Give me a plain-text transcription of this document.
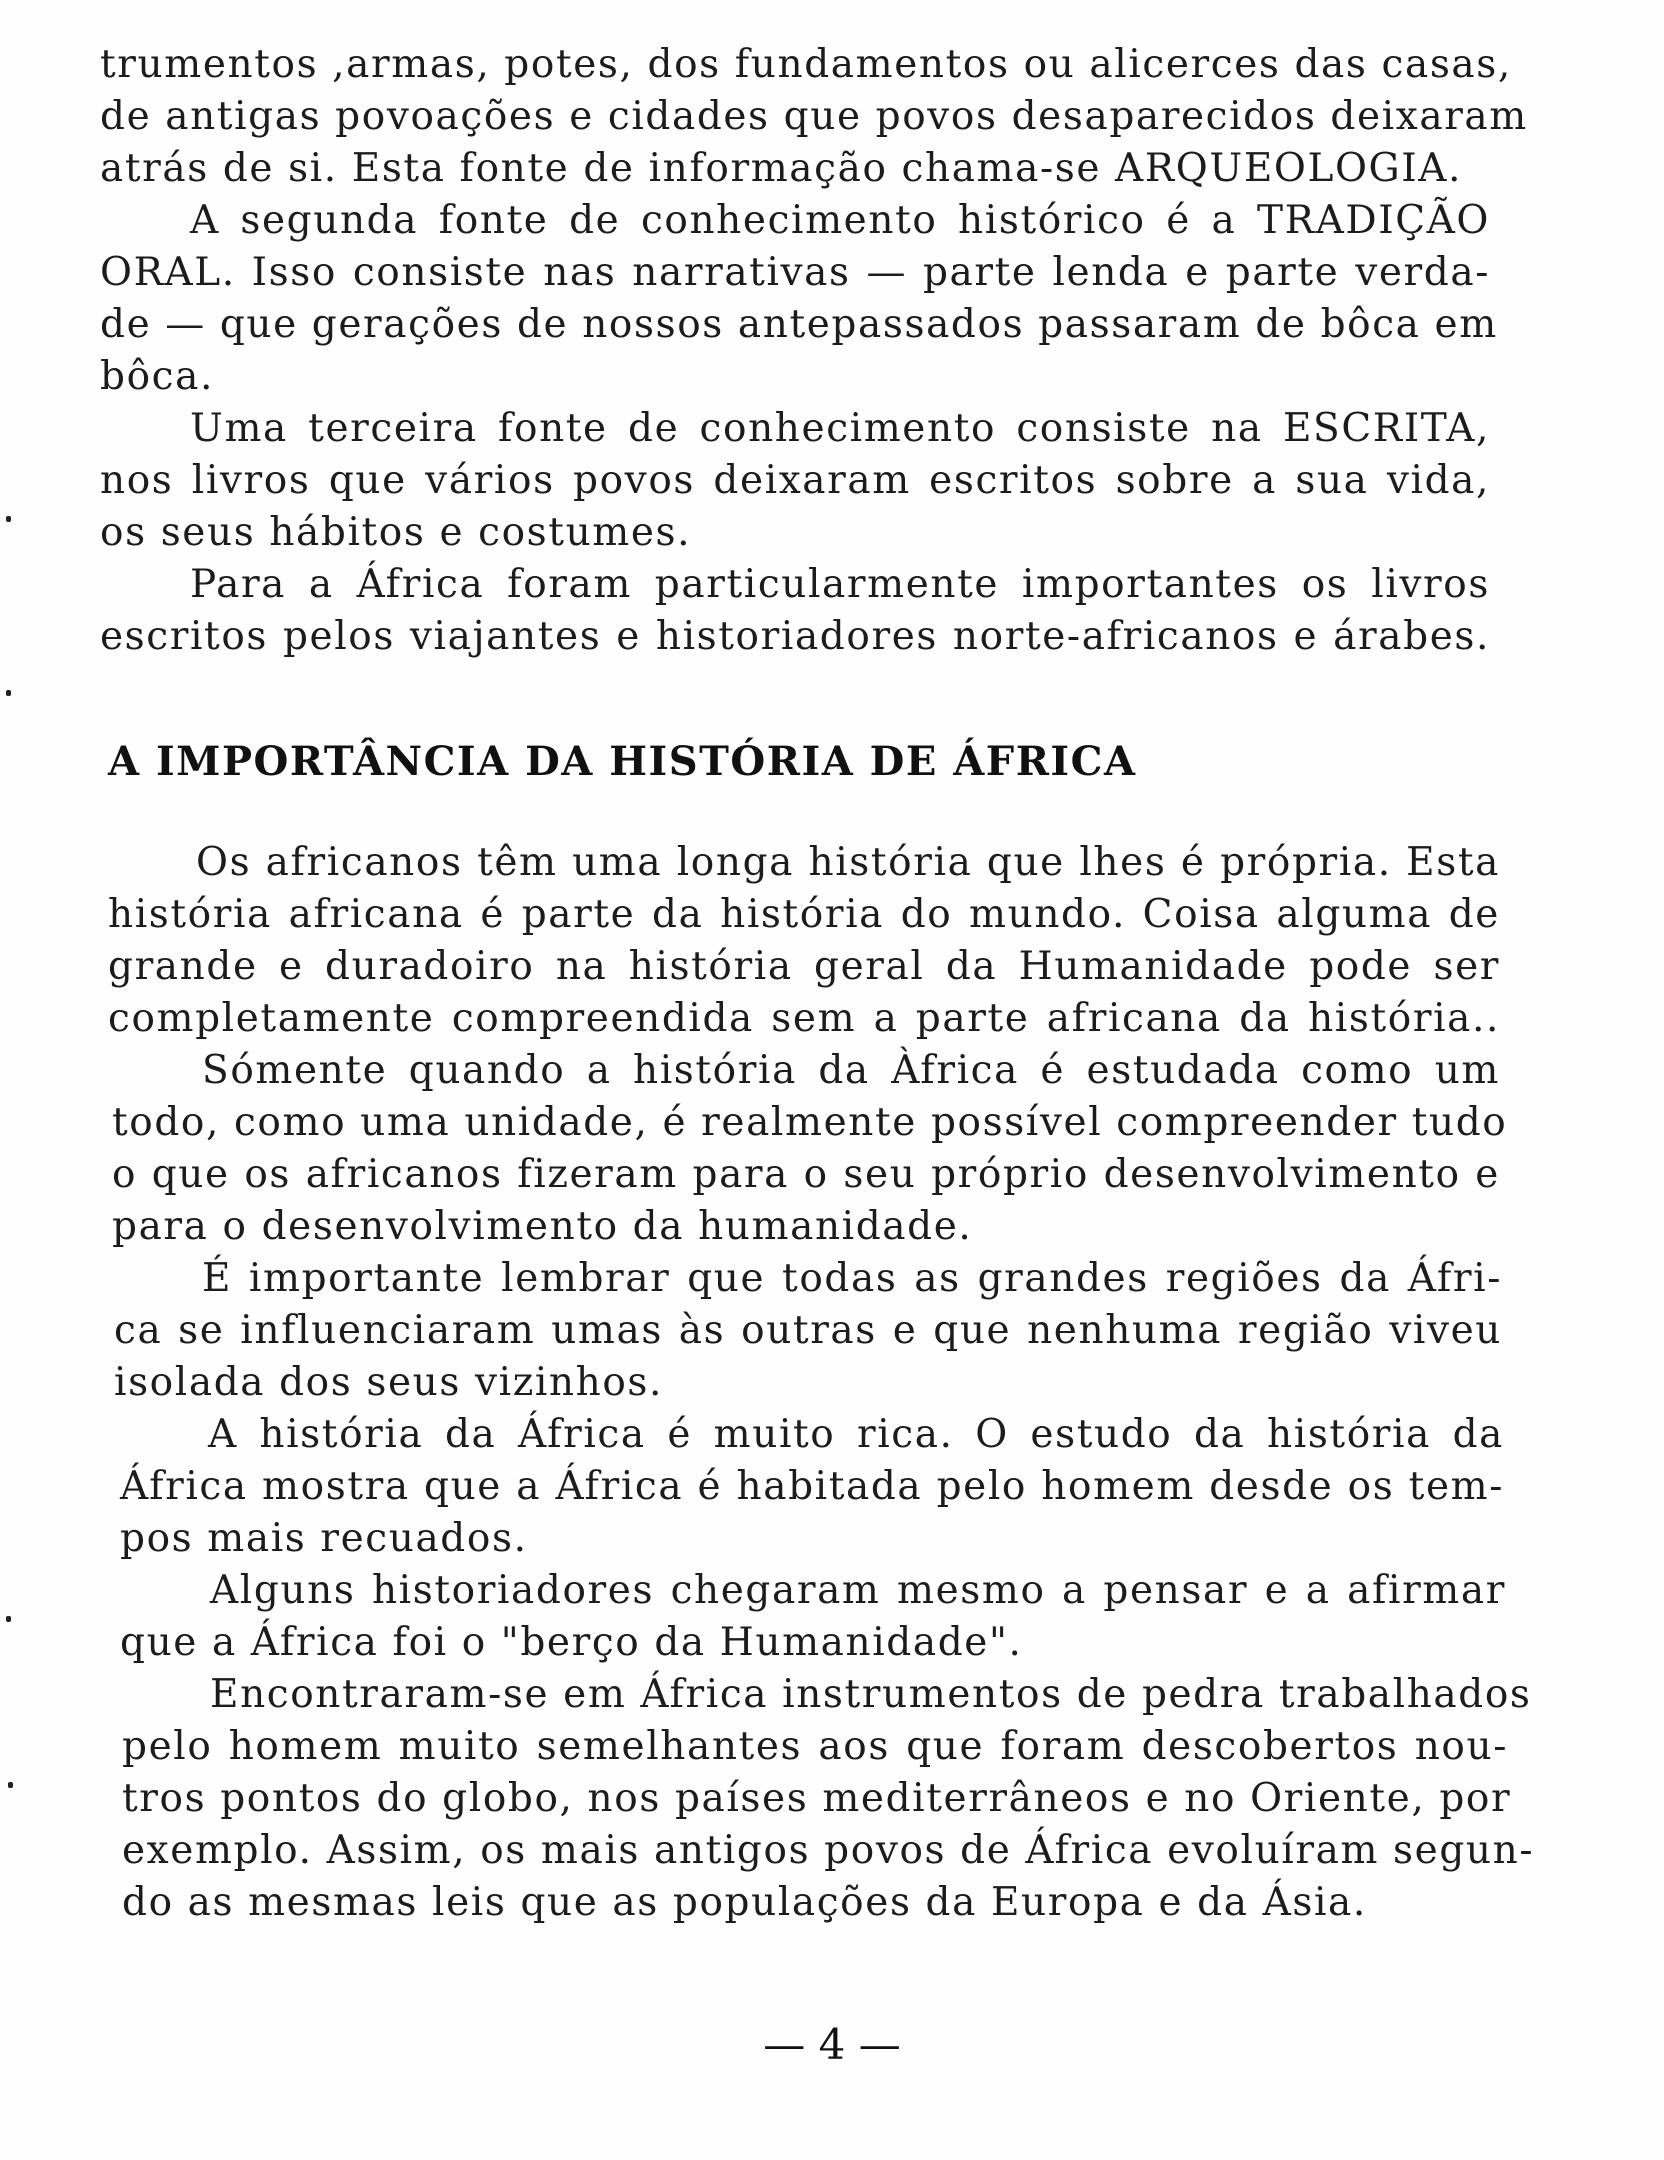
trumentos ,armas, potes, dos fundamentos ou alicerces das casas,
de antigas povoações e cidades que povos desaparecidos deixaram
atrás de si. Esta fonte de informação chama-se ARQUEOLOGIA.
A segunda fonte de conhecimento histórico é a TRADIÇÃO
ORAL. Isso consiste nas narrativas — parte lenda e parte verda-
de — que gerações de nossos antepassados passaram de bôca em
bôca.
Uma terceira fonte de conhecimento consiste na ESCRITA,
nos livros que vários povos deixaram escritos sobre a sua vida,
os seus hábitos e costumes.
Para a África foram particularmente importantes os livros
escritos pelos viajantes e historiadores norte-africanos e árabes.
A IMPORTÂNCIA DA HISTÓRIA DE ÁFRICA
Os africanos têm uma longa história que lhes é própria. Esta
história africana é parte da história do mundo. Coisa alguma de
grande e duradoiro na história geral da Humanidade pode ser
completamente compreendida sem a parte africana da história..
Sómente quando a história da Àfrica é estudada como um
todo, como uma unidade, é realmente possível compreender tudo
o que os africanos fizeram para o seu próprio desenvolvimento e
para o desenvolvimento da humanidade.
É importante lembrar que todas as grandes regiões da Áfri-
ca se influenciaram umas às outras e que nenhuma região viveu
isolada dos seus vizinhos.
A história da África é muito rica. O estudo da história da
África mostra que a África é habitada pelo homem desde os tem-
pos mais recuados.
Alguns historiadores chegaram mesmo a pensar e a afirmar
que a África foi o "berço da Humanidade".
Encontraram-se em África instrumentos de pedra trabalhados
pelo homem muito semelhantes aos que foram descobertos nou-
tros pontos do globo, nos países mediterrâneos e no Oriente, por
exemplo. Assim, os mais antigos povos de África evoluíram segun-
do as mesmas leis que as populações da Europa e da Ásia.
— 4 —
